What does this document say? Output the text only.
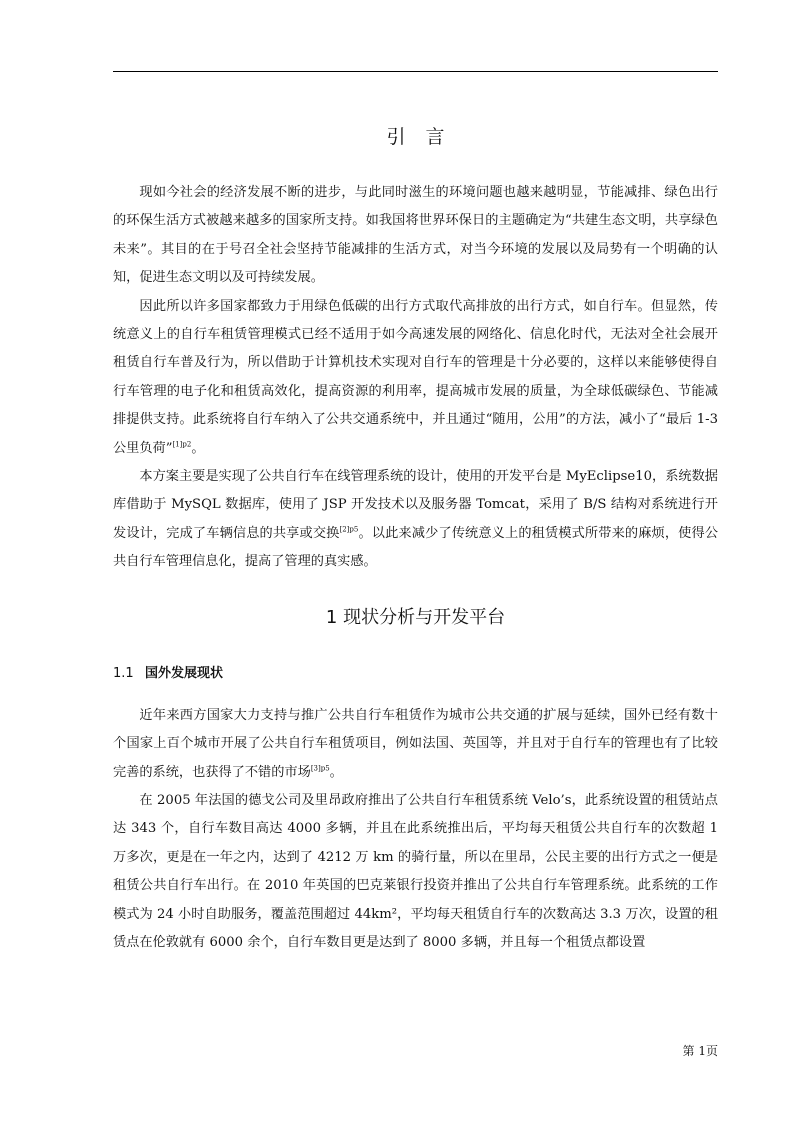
引言

现如今社会的经济发展不断的进步，与此同时滋生的环境问题也越来越明显，节能减排、绿色出行的环保生活方式被越来越多的国家所支持。如我国将世界环保日的主题确定为“共建生态文明，共享绿色未来”。其目的在于号召全社会坚持节能减排的生活方式，对当今环境的发展以及局势有一个明确的认知，促进生态文明以及可持续发展。

因此所以许多国家都致力于用绿色低碳的出行方式取代高排放的出行方式，如自行车。但显然，传统意义上的自行车租赁管理模式已经不适用于如今高速发展的网络化、信息化时代，无法对全社会展开租赁自行车普及行为，所以借助于计算机技术实现对自行车的管理是十分必要的，这样以来能够使得自行车管理的电子化和租赁高效化，提高资源的利用率，提高城市发展的质量，为全球低碳绿色、节能减排提供支持。此系统将自行车纳入了公共交通系统中，并且通过“随用，公用”的方法，减小了“最后 1-3 公里负荷”$^{[1]p2}$。

本方案主要是实现了公共自行车在线管理系统的设计，使用的开发平台是 MyEclipse10，系统数据库借助于 MySQL 数据库，使用了 JSP 开发技术以及服务器 Tomcat，采用了 B/S 结构对系统进行开发设计，完成了车辆信息的共享或交换$^{[2]p5}$。以此来减少了传统意义上的租赁模式所带来的麻烦，使得公共自行车管理信息化，提高了管理的真实感。

1 现状分析与开发平台
1.1 国外发展现状

近年来西方国家大力支持与推广公共自行车租赁作为城市公共交通的扩展与延续，国外已经有数十个国家上百个城市开展了公共自行车租赁项目，例如法国、英国等，并且对于自行车的管理也有了比较完善的系统，也获得了不错的市场$^{[3]p5}$。

在 2005 年法国的德戈公司及里昂政府推出了公共自行车租赁系统 Velo’s，此系统设置的租赁站点达 343 个，自行车数目高达 4000 多辆，并且在此系统推出后，平均每天租赁公共自行车的次数超 1 万多次，更是在一年之内，达到了 4212 万 km 的骑行量，所以在里昂，公民主要的出行方式之一便是租赁公共自行车出行。在 2010 年英国的巴克莱银行投资并推出了公共自行车管理系统。此系统的工作模式为 24 小时自助服务，覆盖范围超过 44km²，平均每天租赁自行车的次数高达 3.3 万次，设置的租赁点在伦敦就有 6000 余个，自行车数目更是达到了 8000 多辆，并且每一个租赁点都设置

第 1页
